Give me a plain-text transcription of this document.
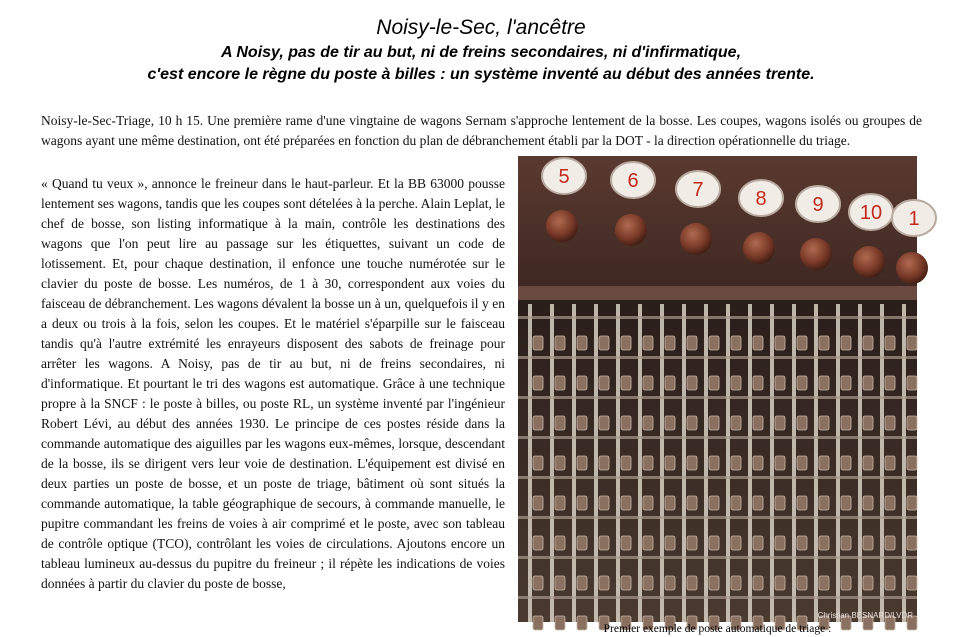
Noisy-le-Sec, l'ancêtre
A Noisy, pas de tir au but, ni de freins secondaires, ni d'infirmatique,
c'est encore le règne du poste à billes : un système inventé au début des années trente.

Noisy-le-Sec-Triage, 10 h 15. Une première rame d'une vingtaine de wagons Sernam s'approche lentement de la bosse. Les coupes, wagons isolés ou groupes de wagons ayant une même destination, ont été préparées en fonction du plan de débranchement établi par la DOT - la direction opérationnelle du triage.

« Quand tu veux », annonce le freineur dans le haut-parleur. Et la BB 63000 pousse lentement ses wagons, tandis que les coupes sont dételées à la perche. Alain Leplat, le chef de bosse, son listing informatique à la main, contrôle les destinations des wagons que l'on peut lire au passage sur les étiquettes, suivant un code de lotissement. Et, pour chaque destination, il enfonce une touche numérotée sur le clavier du poste de bosse. Les numéros, de 1 à 30, correspondent aux voies du faisceau de débranchement. Les wagons dévalent la bosse un à un, quelquefois il y en a deux ou trois à la fois, selon les coupes. Et le matériel s'éparpille sur le faisceau tandis qu'à l'autre extrémité les enrayeurs disposent des sabots de freinage pour arrêter les wagons. A Noisy, pas de tir au but, ni de freins secondaires, ni d'informatique. Et pourtant le tri des wagons est automatique. Grâce à une technique propre à la SNCF : le poste à billes, ou poste RL, un système inventé par l'ingénieur Robert Lévi, au début des années 1930. Le principe de ces postes réside dans la commande automatique des aiguilles par les wagons eux-mêmes, lorsque, descendant de la bosse, ils se dirigent vers leur voie de destination. L'équipement est divisé en deux parties un poste de bosse, et un poste de triage, bâtiment où sont situés la commande automatique, la table géographique de secours, à commande manuelle, le pupitre commandant les freins de voies à air comprimé et le poste, avec son tableau de contrôle optique (TCO), contrôlant les voies de circulations. Ajoutons encore un tableau lumineux au-dessus du pupitre du freineur ; il répète les indications de voies données à partir du clavier du poste de bosse,

5	6	7	8 9 10 1
Christian BESNARD/LVDR
Premier exemple de poste automatique de triage :
